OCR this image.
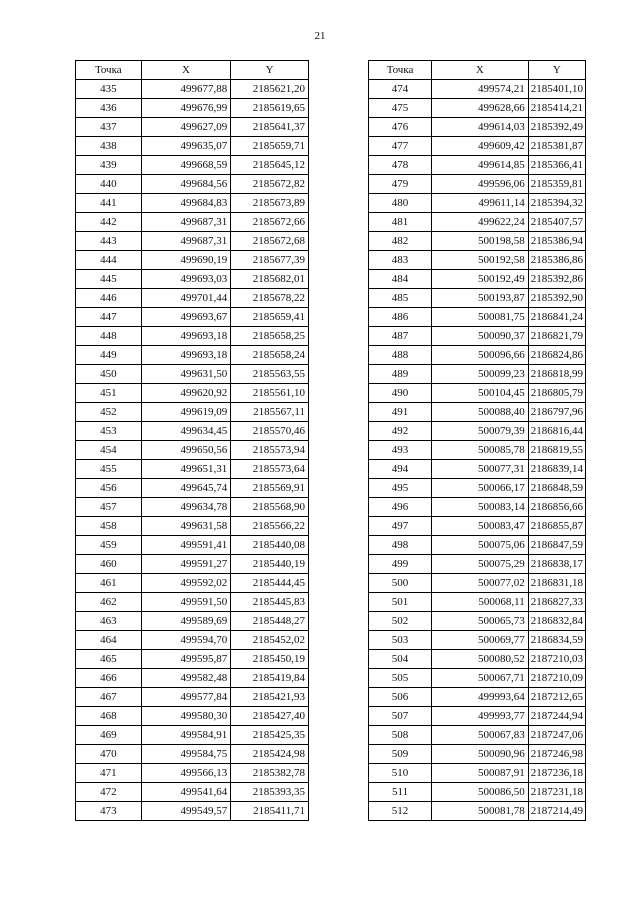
21
Точка	X	Y
435	499677,88	2185621,20
436	499676,99	2185619,65
437	499627,09	2185641,37
438	499635,07	2185659,71
439	499668,59	2185645,12
440	499684,56	2185672,82
441	499684,83	2185673,89
442	499687,31	2185672,66
443	499687,31	2185672,68
444	499690,19	2185677,39
445	499693,03	2185682,01
446	499701,44	2185678,22
447	499693,67	2185659,41
448	499693,18	2185658,25
449	499693,18	2185658,24
450	499631,50	2185563,55
451	499620,92	2185561,10
452	499619,09	2185567,11
453	499634,45	2185570,46
454	499650,56	2185573,94
455	499651,31	2185573,64
456	499645,74	2185569,91
457	499634,78	2185568,90
458	499631,58	2185566,22
459	499591,41	2185440,08
460	499591,27	2185440,19
461	499592,02	2185444,45
462	499591,50	2185445,83
463	499589,69	2185448,27
464	499594,70	2185452,02
465	499595,87	2185450,19
466	499582,48	2185419,84
467	499577,84	2185421,93
468	499580,30	2185427,40
469	499584,91	2185425,35
470	499584,75	2185424,98
471	499566,13	2185382,78
472	499541,64	2185393,35
473	499549,57	2185411,71
Точка	X	Y
474	499574,21	2185401,10
475	499628,66	2185414,21
476	499614,03	2185392,49
477	499609,42	2185381,87
478	499614,85	2185366,41
479	499596,06	2185359,81
480	499611,14	2185394,32
481	499622,24	2185407,57
482	500198,58	2185386,94
483	500192,58	2185386,86
484	500192,49	2185392,86
485	500193,87	2185392,90
486	500081,75	2186841,24
487	500090,37	2186821,79
488	500096,66	2186824,86
489	500099,23	2186818,99
490	500104,45	2186805,79
491	500088,40	2186797,96
492	500079,39	2186816,44
493	500085,78	2186819,55
494	500077,31	2186839,14
495	500066,17	2186848,59
496	500083,14	2186856,66
497	500083,47	2186855,87
498	500075,06	2186847,59
499	500075,29	2186838,17
500	500077,02	2186831,18
501	500068,11	2186827,33
502	500065,73	2186832,84
503	500069,77	2186834,59
504	500080,52	2187210,03
505	500067,71	2187210,09
506	499993,64	2187212,65
507	499993,77	2187244,94
508	500067,83	2187247,06
509	500090,96	2187246,98
510	500087,91	2187236,18
511	500086,50	2187231,18
512	500081,78	2187214,49
